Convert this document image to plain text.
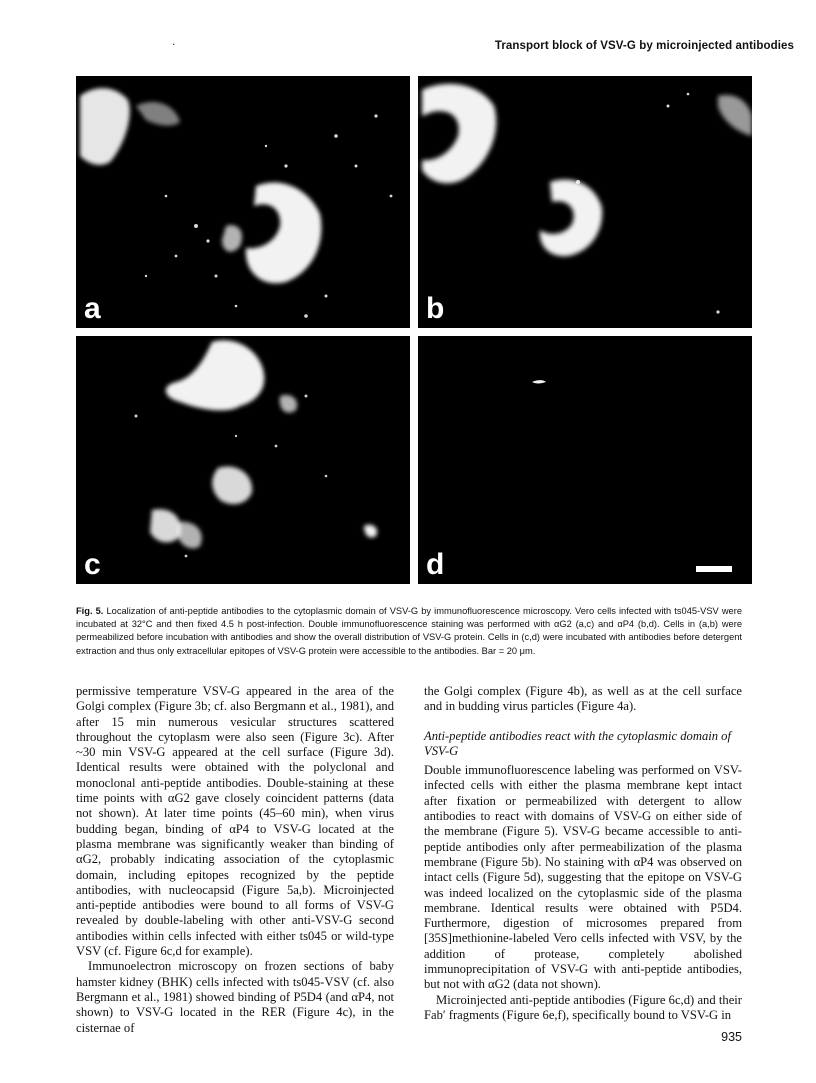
·	Transport block of VSV-G by microinjected antibodies
a	b
c	d
Fig. 5. Localization of anti-peptide antibodies to the cytoplasmic domain of VSV-G by immunofluorescence microscopy. Vero cells infected with ts045-VSV were incubated at 32°C and then fixed 4.5 h post-infection. Double immunofluorescence staining was performed with αG2 (a,c) and αP4 (b,d). Cells in (a,b) were permeabilized before incubation with antibodies and show the overall distribution of VSV-G protein. Cells in (c,d) were incubated with antibodies before detergent extraction and thus only extracellular epitopes of VSV-G protein were accessible to the antibodies. Bar = 20 μm.

permissive temperature VSV-G appeared in the area of the Golgi complex (Figure 3b; cf. also Bergmann et al., 1981), and after 15 min numerous vesicular structures scattered throughout the cytoplasm were also seen (Figure 3c). After ~30 min VSV-G appeared at the cell surface (Figure 3d). Identical results were obtained with the polyclonal and monoclonal anti-peptide antibodies. Double-staining at these time points with αG2 gave closely coincident patterns (data not shown). At later time points (45–60 min), when virus budding began, binding of αP4 to VSV-G located at the plasma membrane was significantly weaker than binding of αG2, probably indicating association of the cytoplasmic domain, including epitopes recognized by the peptide antibodies, with nucleocapsid (Figure 5a,b). Microinjected anti-peptide antibodies were bound to all forms of VSV-G revealed by double-labeling with other anti-VSV-G second antibodies within cells infected with either ts045 or wild-type VSV (cf. Figure 6c,d for example).

Immunoelectron microscopy on frozen sections of baby hamster kidney (BHK) cells infected with ts045-VSV (cf. also Bergmann et al., 1981) showed binding of P5D4 (and αP4, not shown) to VSV-G located in the RER (Figure 4c), in the cisternae of

the Golgi complex (Figure 4b), as well as at the cell surface and in budding virus particles (Figure 4a).

Anti-peptide antibodies react with the cytoplasmic domain of VSV-G

Double immunofluorescence labeling was performed on VSV-infected cells with either the plasma membrane kept intact after fixation or permeabilized with detergent to allow antibodies to react with domains of VSV-G on either side of the membrane (Figure 5). VSV-G became accessible to anti-peptide antibodies only after permeabilization of the plasma membrane (Figure 5b). No staining with αP4 was observed on intact cells (Figure 5d), suggesting that the epitope on VSV-G was indeed localized on the cytoplasmic side of the plasma membrane. Identical results were obtained with P5D4. Furthermore, digestion of microsomes prepared from [35S]methionine-labeled Vero cells infected with VSV, by the addition of protease, completely abolished immunoprecipitation of VSV-G with anti-peptide antibodies, but not with αG2 (data not shown).

Microinjected anti-peptide antibodies (Figure 6c,d) and their Fab′ fragments (Figure 6e,f), specifically bound to VSV-G in

935
